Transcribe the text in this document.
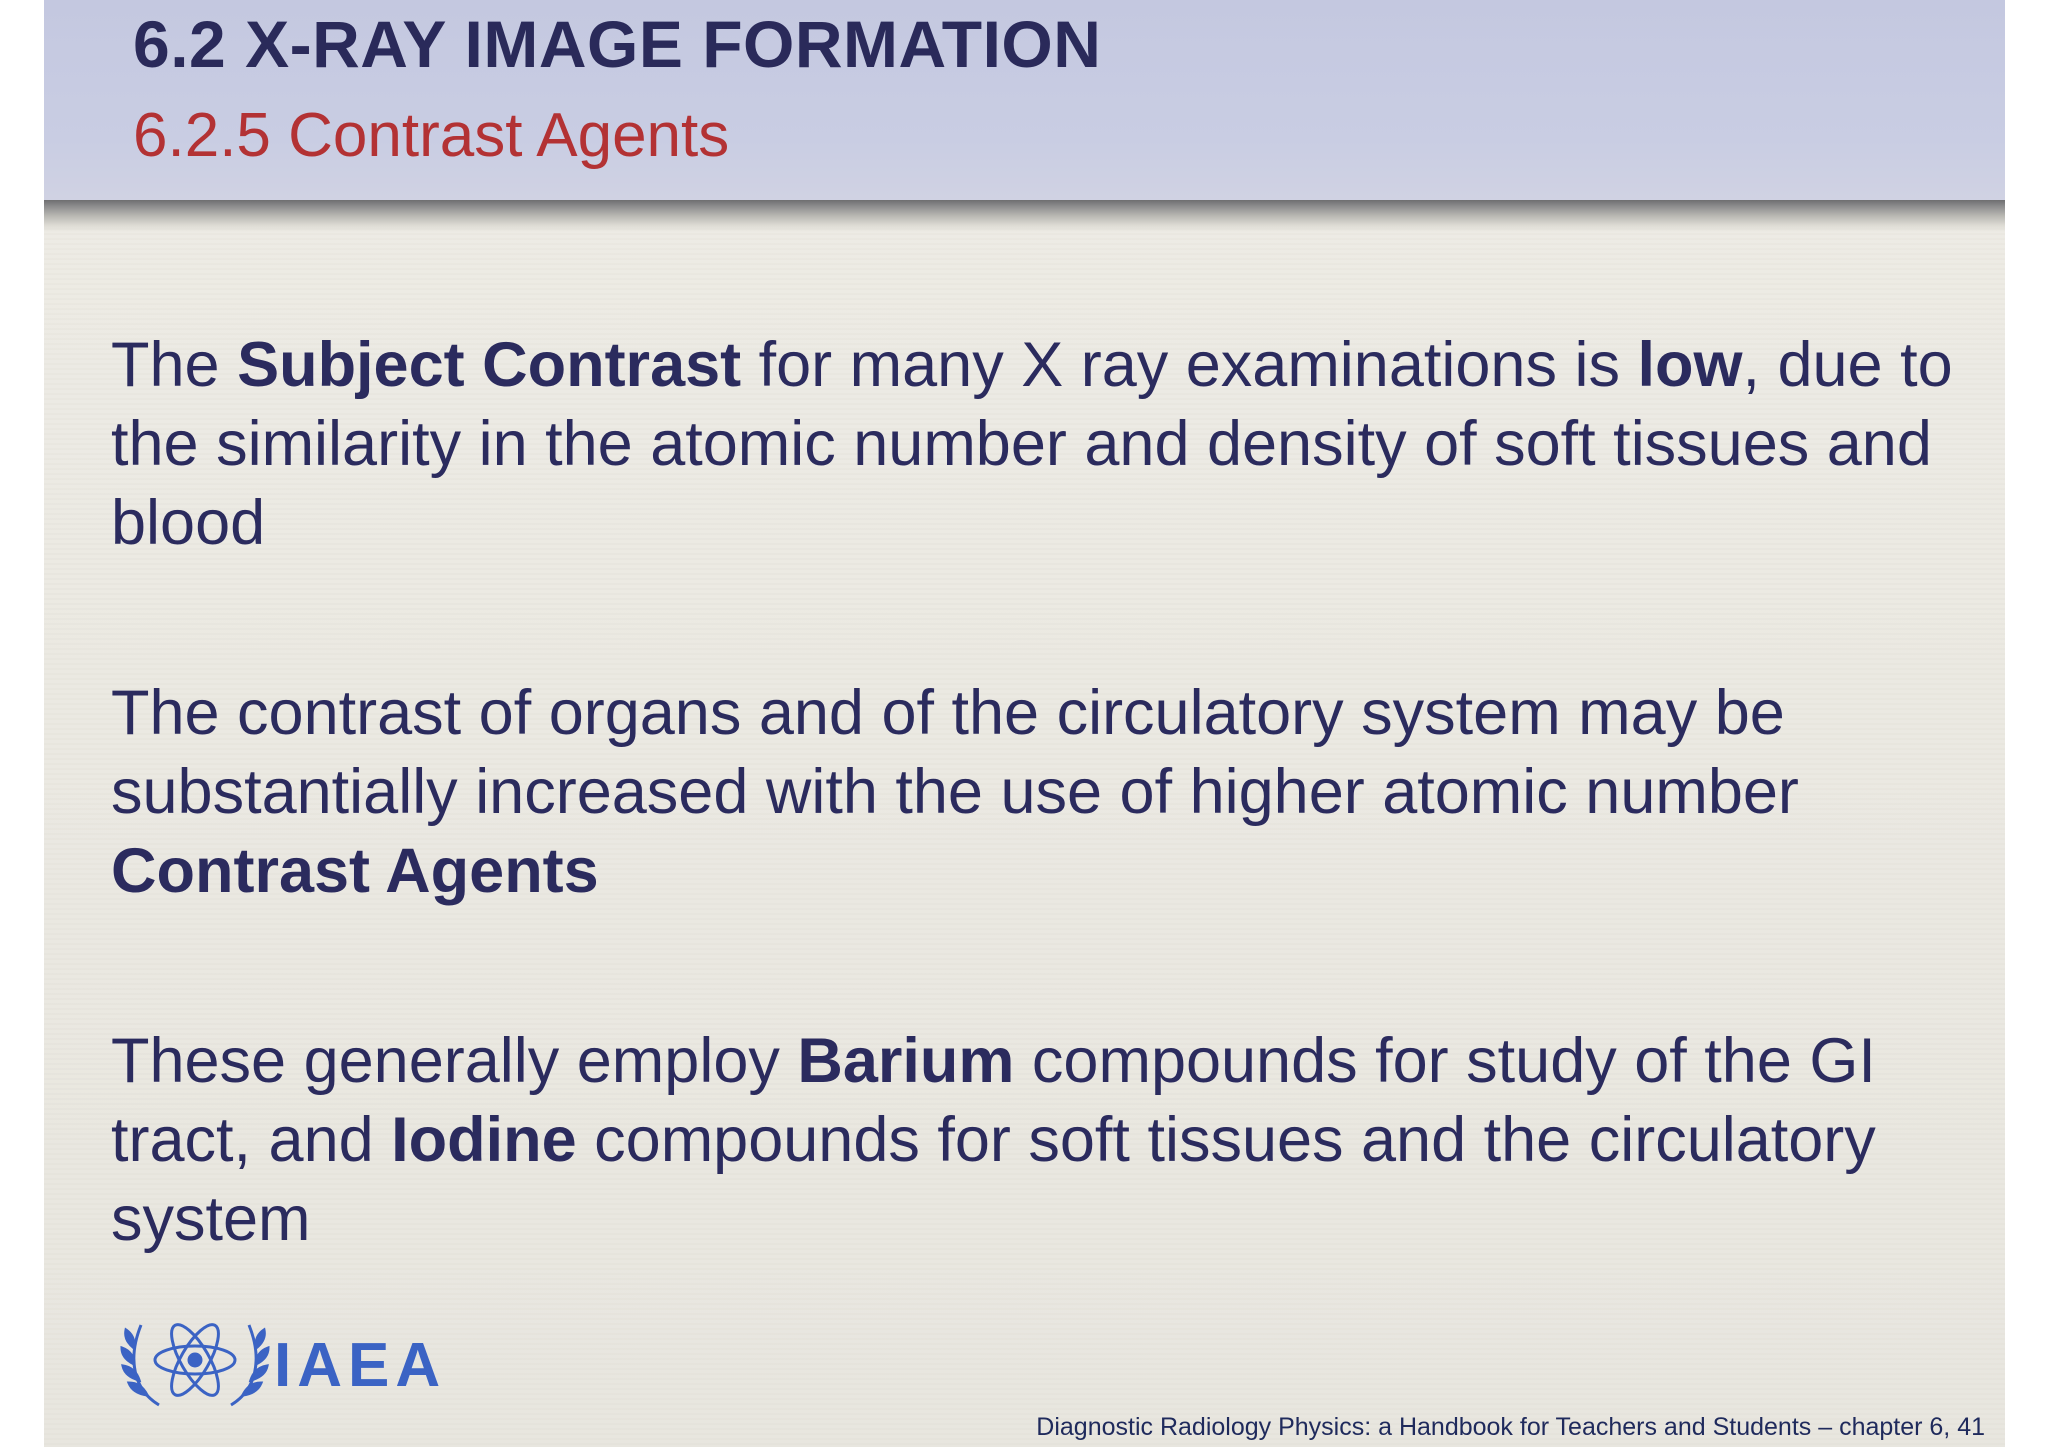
6.2 X-RAY IMAGE FORMATION
6.2.5 Contrast Agents

The Subject Contrast for many X ray examinations is low, due to the similarity in the atomic number and density of soft tissues and blood

The contrast of organs and of the circulatory system may be substantially increased with the use of higher atomic number Contrast Agents

These generally employ Barium compounds for study of the GI tract, and Iodine compounds for soft tissues and the circulatory system

IAEA
Diagnostic Radiology Physics: a Handbook for Teachers and Students – chapter 6, 41
